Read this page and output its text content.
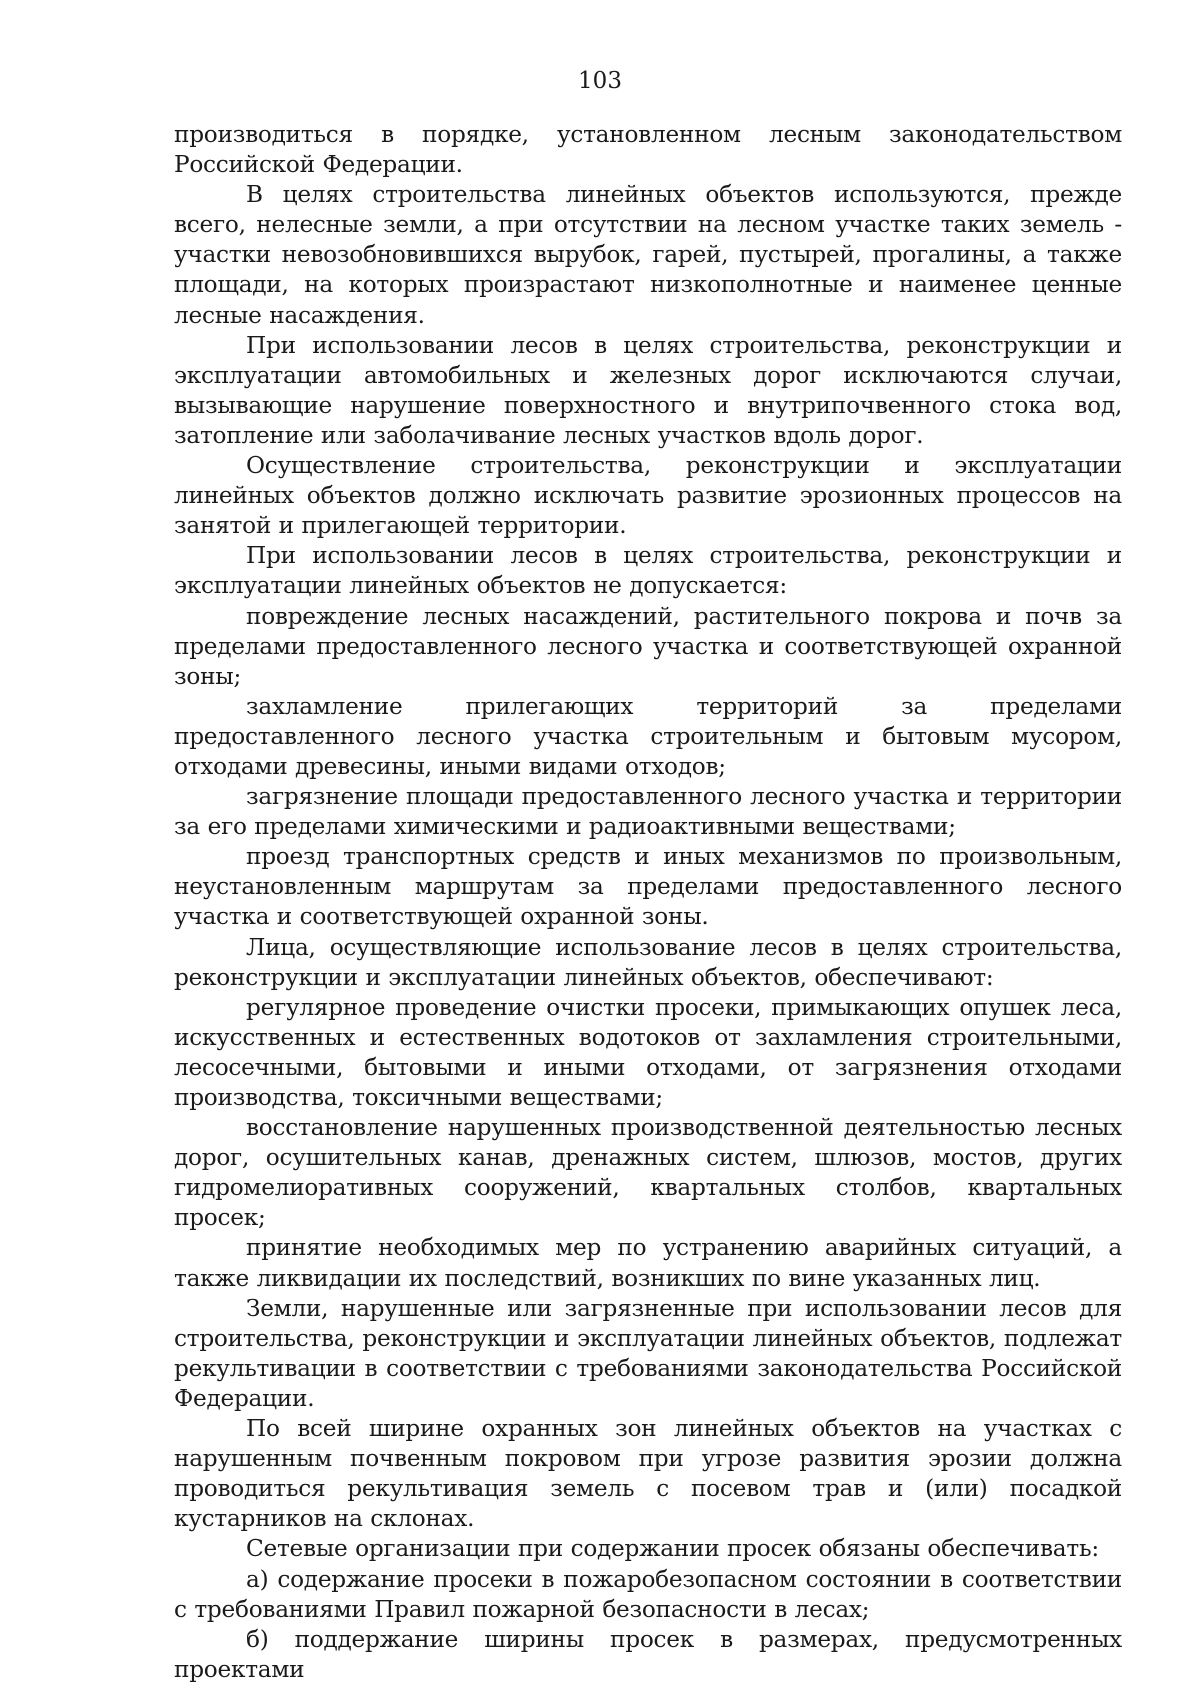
103

производиться в порядке, установленном лесным законодательством Российской Федерации.

В целях строительства линейных объектов используются, прежде всего, нелесные земли, а при отсутствии на лесном участке таких земель - участки невозобновившихся вырубок, гарей, пустырей, прогалины, а также площади, на которых произрастают низкополнотные и наименее ценные лесные насаждения.

При использовании лесов в целях строительства, реконструкции и эксплуатации автомобильных и железных дорог исключаются случаи, вызывающие нарушение поверхностного и внутрипочвенного стока вод, затопление или заболачивание лесных участков вдоль дорог.

Осуществление строительства, реконструкции и эксплуатации линейных объектов должно исключать развитие эрозионных процессов на занятой и прилегающей территории.

При использовании лесов в целях строительства, реконструкции и эксплуатации линейных объектов не допускается:

повреждение лесных насаждений, растительного покрова и почв за пределами предоставленного лесного участка и соответствующей охранной зоны;

захламление прилегающих территорий за пределами предоставленного лесного участка строительным и бытовым мусором, отходами древесины, иными видами отходов;

загрязнение площади предоставленного лесного участка и территории за его пределами химическими и радиоактивными веществами;

проезд транспортных средств и иных механизмов по произвольным, неустановленным маршрутам за пределами предоставленного лесного участка и соответствующей охранной зоны.

Лица, осуществляющие использование лесов в целях строительства, реконструкции и эксплуатации линейных объектов, обеспечивают:

регулярное проведение очистки просеки, примыкающих опушек леса, искусственных и естественных водотоков от захламления строительными, лесосечными, бытовыми и иными отходами, от загрязнения отходами производства, токсичными веществами;

восстановление нарушенных производственной деятельностью лесных дорог, осушительных канав, дренажных систем, шлюзов, мостов, других гидромелиоративных сооружений, квартальных столбов, квартальных просек;

принятие необходимых мер по устранению аварийных ситуаций, а также ликвидации их последствий, возникших по вине указанных лиц.

Земли, нарушенные или загрязненные при использовании лесов для строительства, реконструкции и эксплуатации линейных объектов, подлежат рекультивации в соответствии с требованиями законодательства Российской Федерации.

По всей ширине охранных зон линейных объектов на участках с нарушенным почвенным покровом при угрозе развития эрозии должна проводиться рекультивация земель с посевом трав и (или) посадкой кустарников на склонах.

Сетевые организации при содержании просек обязаны обеспечивать:

а) содержание просеки в пожаробезопасном состоянии в соответствии с требованиями Правил пожарной безопасности в лесах;

б) поддержание ширины просек в размерах, предусмотренных проектами
